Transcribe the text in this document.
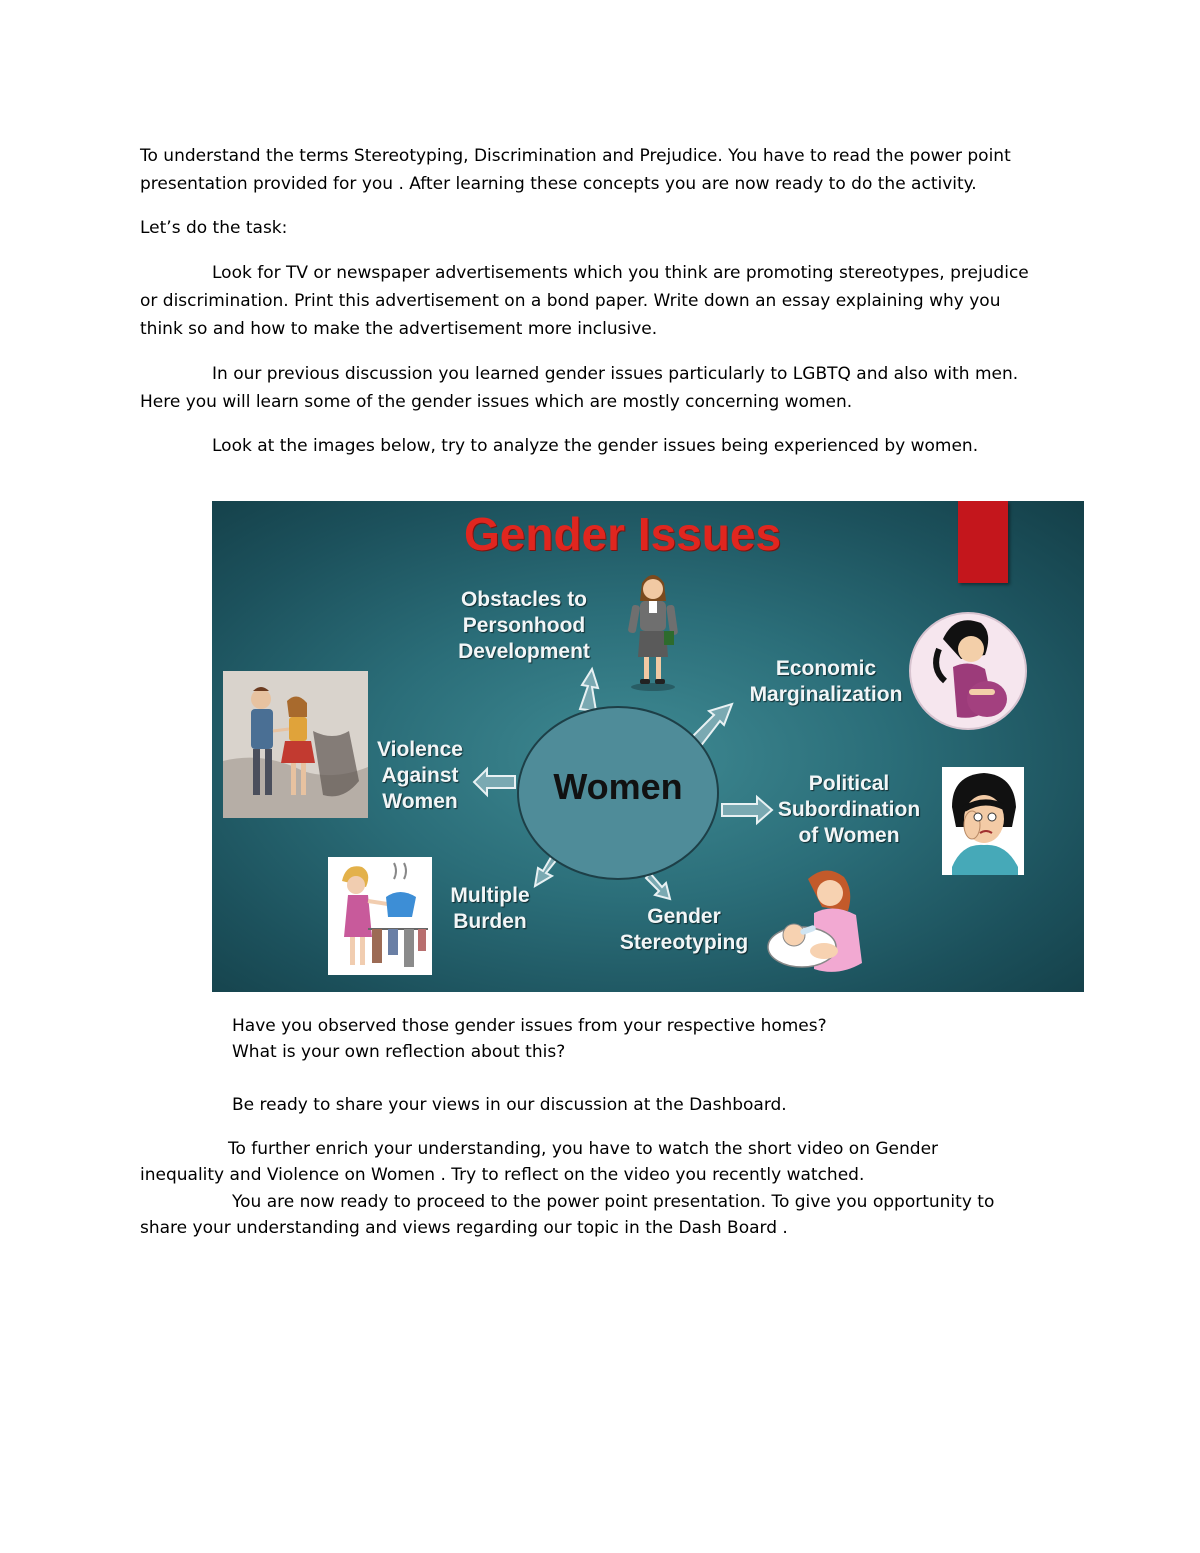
To understand the terms Stereotyping, Discrimination and Prejudice. You have to read the power point
presentation provided for you . After learning these concepts you are now ready to do the activity.
Let’s do the task:
Look for TV or newspaper advertisements which you think are promoting stereotypes, prejudice
or discrimination. Print this advertisement on a bond paper. Write down an essay explaining why you
think so and how to make the advertisement more inclusive.
In our previous discussion you learned gender issues particularly to LGBTQ and also with men.
Here you will learn some of the gender issues which are mostly concerning women.
Look at the images below, try to analyze the gender issues being experienced by women.
Gender Issues
Women
Obstacles to
Personhood
Development
Economic
Marginalization
Political
Subordination
of Women
Gender
Stereotyping
Multiple
Burden
Violence
Against
Women
Have you observed those gender issues from your respective homes?
What is your own reflection about this?
Be ready to share your views in our discussion at the Dashboard.
To further enrich your understanding, you have to watch the short video on Gender
inequality and Violence on Women . Try to reflect on the video you recently watched.
You are now ready to proceed to the power point presentation. To give you opportunity to
share your understanding and views regarding our topic in the Dash Board .
